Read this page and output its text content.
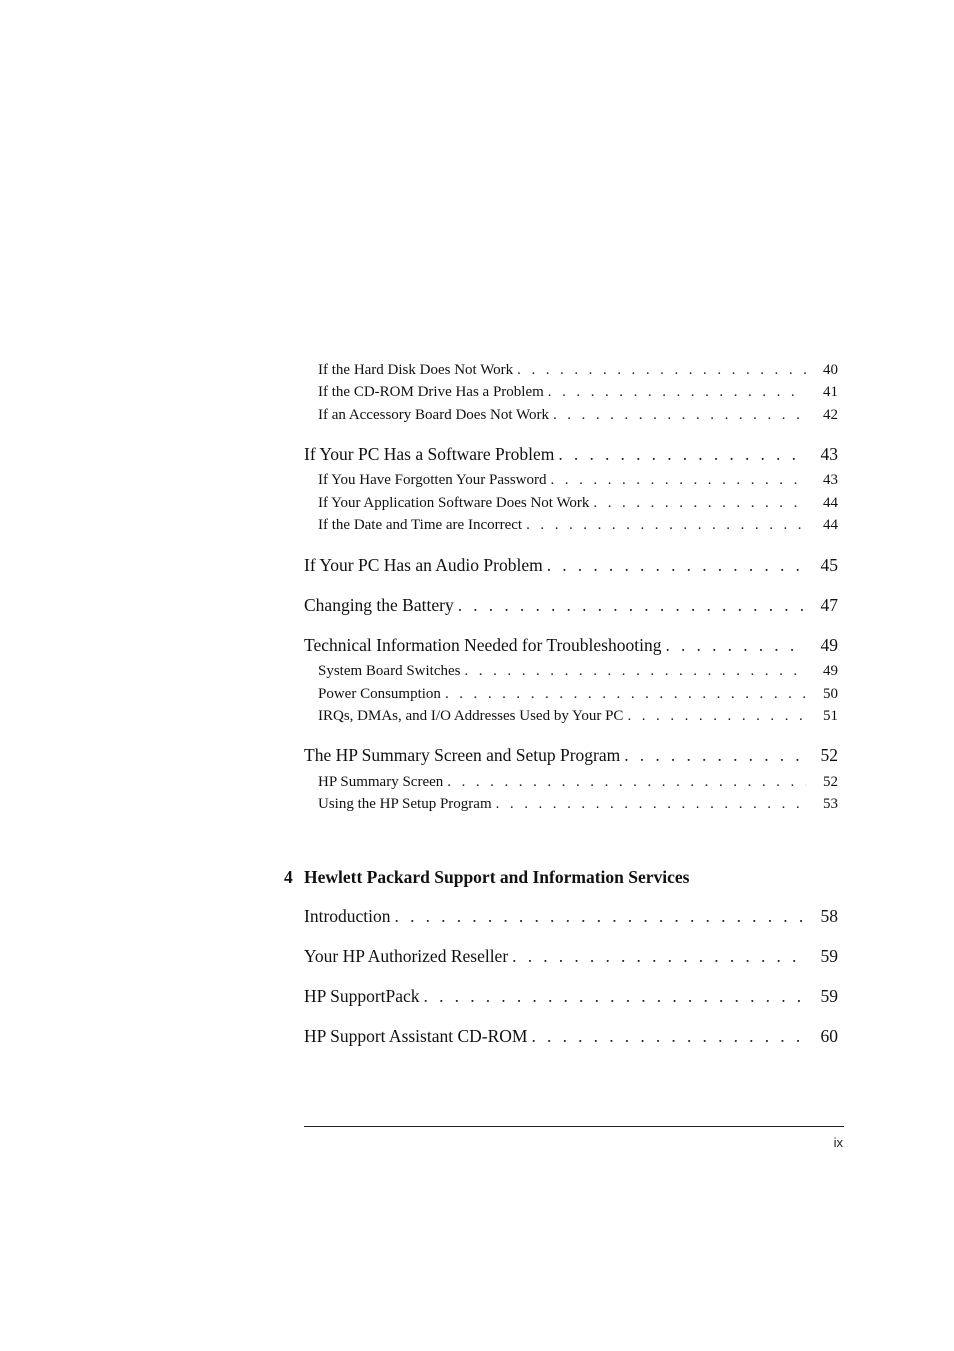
If the Hard Disk Does Not Work . . .	40
If the CD-ROM Drive Has a Problem . . .	41
If an Accessory Board Does Not Work . . .	42
If Your PC Has a Software Problem . . .	43
If You Have Forgotten Your Password . . .	43
If Your Application Software Does Not Work . . .	44
If the Date and Time are Incorrect . . .	44
If Your PC Has an Audio Problem . . .	45
Changing the Battery . . .	47
Technical Information Needed for Troubleshooting . . .	49
System Board Switches . . .	49
Power Consumption . . .	50
IRQs, DMAs, and I/O Addresses Used by Your PC . . .	51
The HP Summary Screen and Setup Program . . .	52
HP Summary Screen . . .	52
Using the HP Setup Program . . .	53
4 Hewlett Packard Support and Information Services
Introduction . . .	58
Your HP Authorized Reseller . . .	59
HP SupportPack . . .	59
HP Support Assistant CD-ROM . . .	60
ix
